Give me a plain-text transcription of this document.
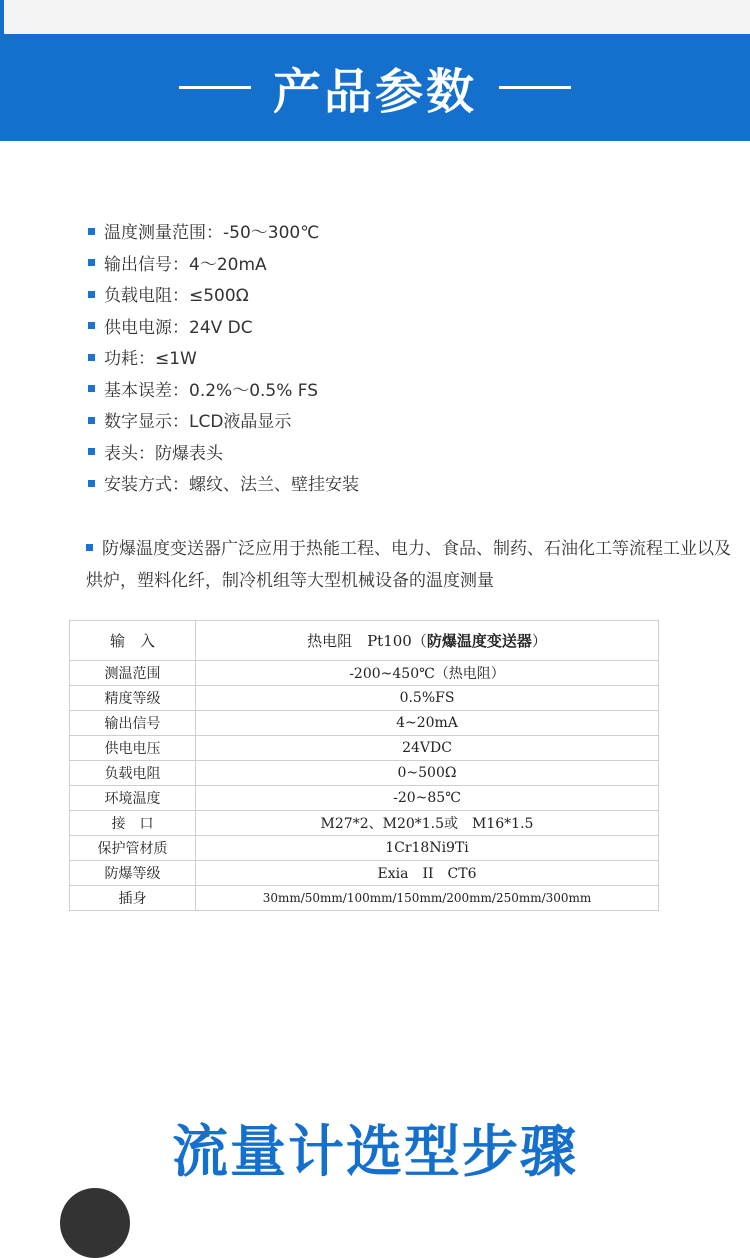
产品参数
温度测量范围：-50～300℃
输出信号：4～20mA
负载电阻：≤500Ω
供电电源：24V DC
功耗：≤1W
基本误差：0.2%～0.5% FS
数字显示：LCD液晶显示
表头：防爆表头
安装方式：螺纹、法兰、壁挂安装

防爆温度变送器广泛应用于热能工程、电力、食品、制药、石油化工等流程工业以及烘炉，塑料化纤，制冷机组等大型机械设备的温度测量

输　入	热电阻　Pt100（防爆温度变送器）
测温范围	-200~450℃（热电阻）
精度等级	0.5%FS
输出信号	4~20mA
供电电压	24VDC
负载电阻	0~500Ω
环境温度	-20~85℃
接　口	M27*2、M20*1.5或　M16*1.5
保护管材质	1Cr18Ni9Ti
防爆等级	Exia　II　CT6
插身	30mm/50mm/100mm/150mm/200mm/250mm/300mm
流量计选型步骤
